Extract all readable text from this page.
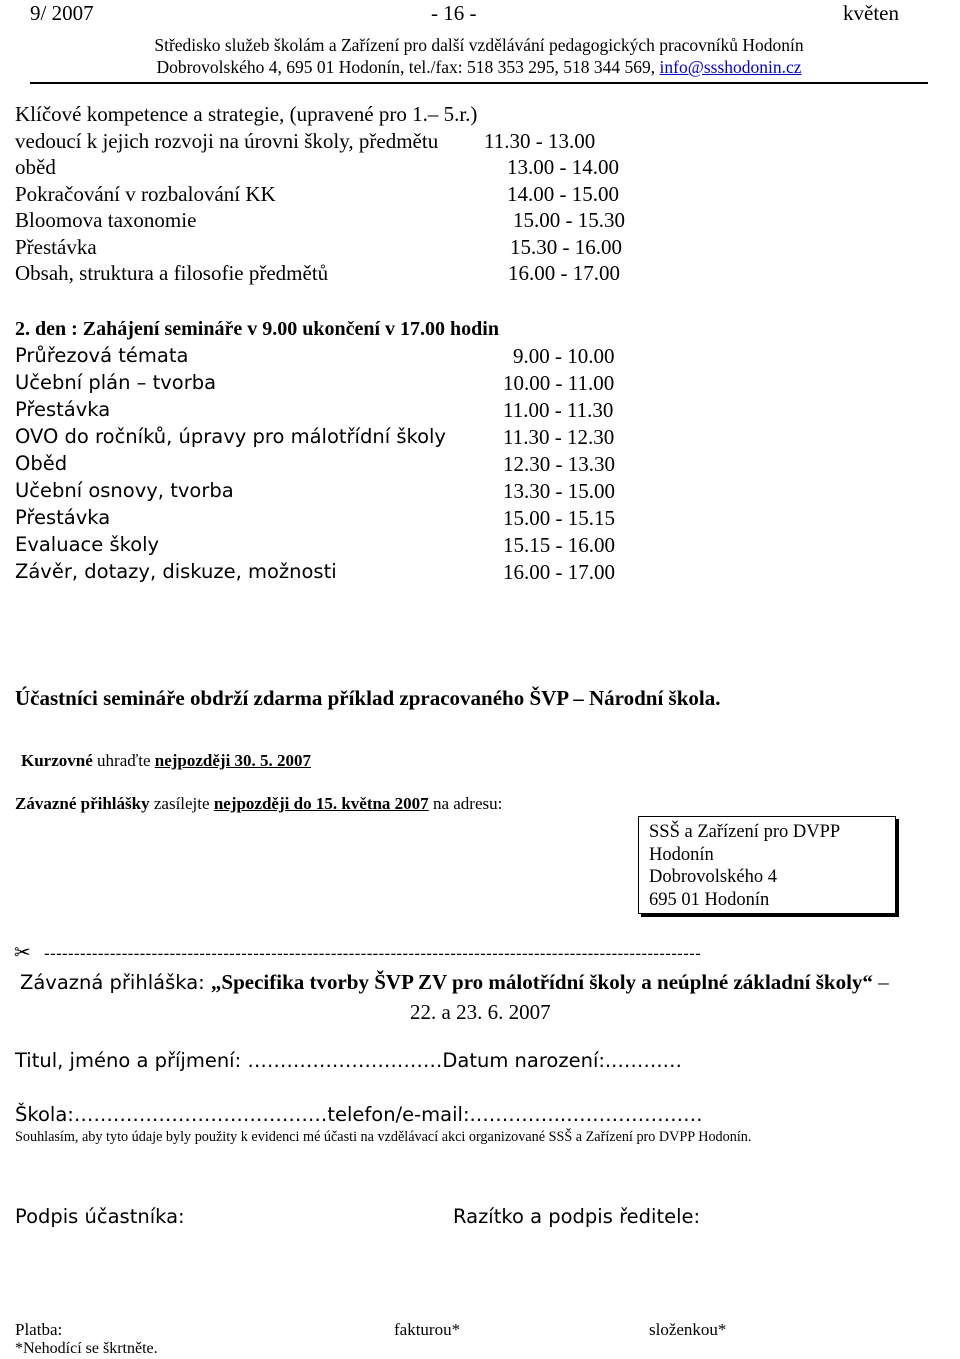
9/ 2007	- 16 -	květen
Středisko služeb školám a Zařízení pro další vzdělávání pedagogických pracovníků Hodonín
Dobrovolského 4, 695 01 Hodonín, tel./fax: 518 353 295, 518 344 569, info@ssshodonin.cz
Klíčové kompetence a strategie, (upravené pro 1.– 5.r.)
vedoucí k jejich rozvoji na úrovni školy, předmětu 11.30 - 13.00
oběd	13.00 - 14.00
Pokračování v rozbalování KK	14.00 - 15.00
Bloomova taxonomie	15.00 - 15.30
Přestávka	15.30 - 16.00
Obsah, struktura a filosofie předmětů	16.00 - 17.00
2. den : Zahájení semináře v 9.00 ukončení v 17.00 hodin
Průřezová témata	9.00 - 10.00
Učební plán – tvorba	10.00 - 11.00
Přestávka	11.00 - 11.30
OVO do ročníků, úpravy pro málotřídní školy	11.30 - 12.30
Oběd	12.30 - 13.30
Učební osnovy, tvorba	13.30 - 15.00
Přestávka	15.00 - 15.15
Evaluace školy	15.15 - 16.00
Závěr, dotazy, diskuze, možnosti	16.00 - 17.00
Účastníci semináře obdrží zdarma příklad zpracovaného ŠVP – Národní škola.
Kurzovné uhraďte nejpozději 30. 5. 2007
Závazné přihlášky zasílejte nejpozději do 15. května 2007 na adresu:
SSŠ a Zařízení pro DVPP
Hodonín
Dobrovolského 4
695 01 Hodonín
✂ --------------------------------------------------------------------------------------------------------------
Závazná přihláška: „Specifika tvorby ŠVP ZV pro málotřídní školy a neúplné základní školy“ –
22. a 23. 6. 2007
Titul, jméno a příjmení: …………………………Datum narození:..…….…
Škola:…………………………………telefon/e-mail:.…………..…………………
Souhlasím, aby tyto údaje byly použity k evidenci mé účasti na vzdělávací akci organizované SSŠ a Zařízení pro DVPP Hodonín.
Podpis účastníka:	Razítko a podpis ředitele:
Platba:	fakturou*	složenkou*
*Nehodící se škrtněte.
